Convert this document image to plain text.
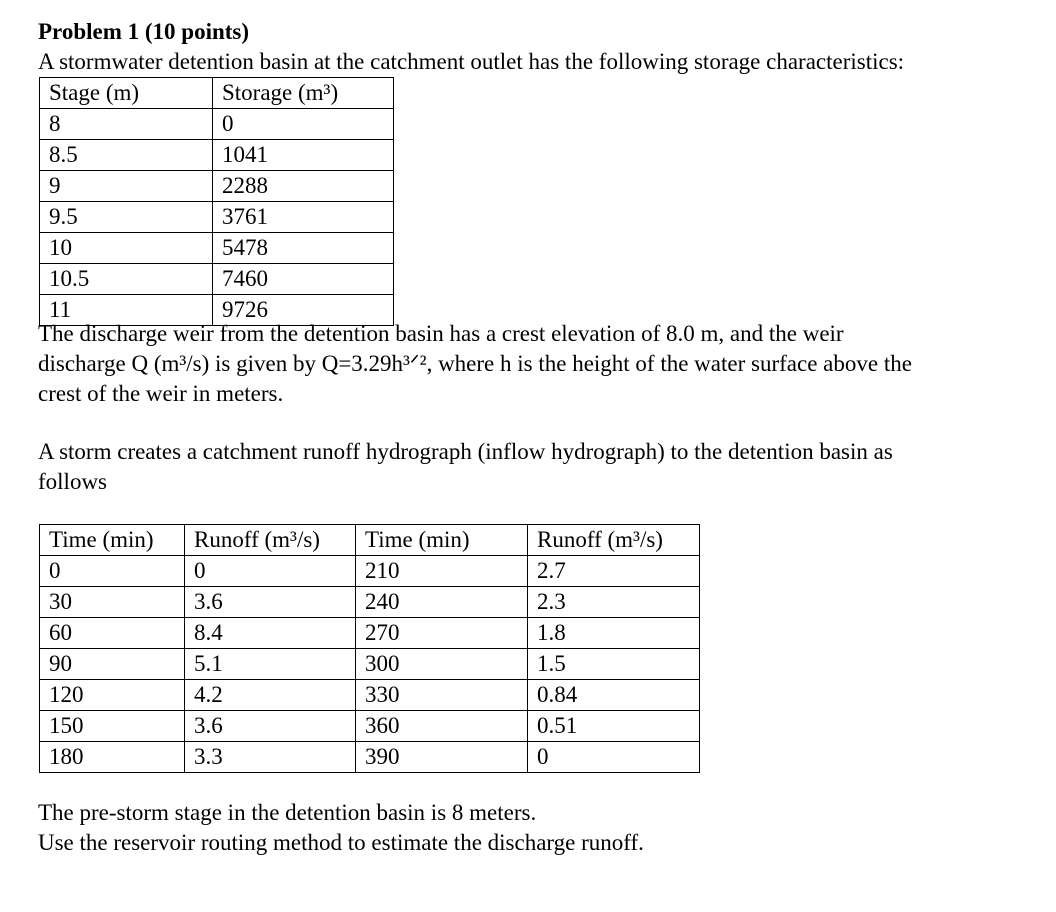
Problem 1 (10 points)
A stormwater detention basin at the catchment outlet has the following storage characteristics:
Stage (m)	Storage (m³)
8	0
8.5	1041
9	2288
9.5	3761
10	5478
10.5	7460
11	9726
The discharge weir from the detention basin has a crest elevation of 8.0 m, and the weir
discharge Q (m³/s) is given by Q=3.29h³ᐟ², where h is the height of the water surface above the
crest of the weir in meters.
A storm creates a catchment runoff hydrograph (inflow hydrograph) to the detention basin as
follows
Time (min)	Runoff (m³/s)	Time (min)	Runoff (m³/s)
0	0	210	2.7
30	3.6	240	2.3
60	8.4	270	1.8
90	5.1	300	1.5
120	4.2	330	0.84
150	3.6	360	0.51
180	3.3	390	0
The pre-storm stage in the detention basin is 8 meters.
Use the reservoir routing method to estimate the discharge runoff.
